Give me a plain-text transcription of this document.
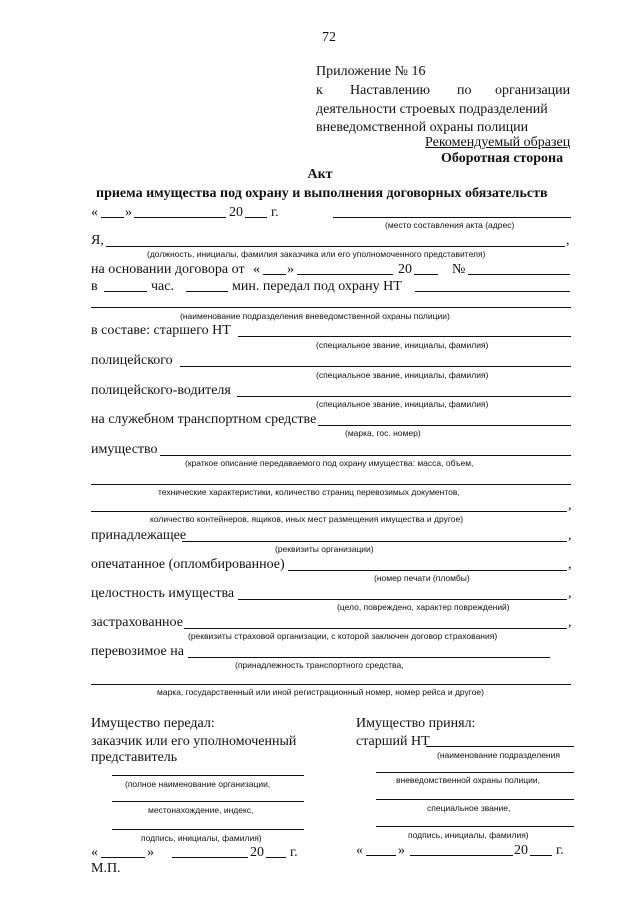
72
Приложение № 16
к Наставлению по организации
деятельности строевых подразделений
вневедомственной охраны полиции
Рекомендуемый образец
Оборотная сторона
Акт
приема имущества под охрану и выполнения договорных обязательств
« »	20 г.
(место составления акта (адрес)
Я,	,
(должность, инициалы, фамилия заказчика или его уполномоченного представителя)
на основании договора от « »	20	№
в	час.	мин. передал под охрану НТ
(наименование подразделения вневедомственной охраны полиции)
в составе: старшего НТ
(специальное звание, инициалы, фамилия)
полицейского
(специальное звание, инициалы, фамилия)
полицейского-водителя
(специальное звание, инициалы, фамилия)
на служебном транспортном средстве
(марка, гос. номер)
имущество
(краткое описание передаваемого под охрану имущества: масса, объем,
технические характеристики, количество страниц перевозимых документов,
,
количество контейнеров, ящиков, иных мест размещения имущества и другое)
принадлежащее	,
(реквизиты организации)
опечатанное (опломбированное)	,
(номер печати (пломбы)
целостность имущества	,
(цело, повреждено, характер повреждений)
застрахованное	,
(реквизиты страховой организации, с которой заключен договор страхования)
перевозимое на
(принадлежность транспортного средства,
марка, государственный или иной регистрационный номер, номер рейса и другое)
Имущество передал:
заказчик или его уполномоченный
представитель
(полное наименование организации,
местонахождение, индекс,
подпись, инициалы, фамилия)
«	»	20 г.
М.П.
Имущество принял:
старший НТ
(наименование подразделения
вневедомственной охраны полиции,
специальное звание,
подпись, инициалы, фамилия)
«	»	20 г.
